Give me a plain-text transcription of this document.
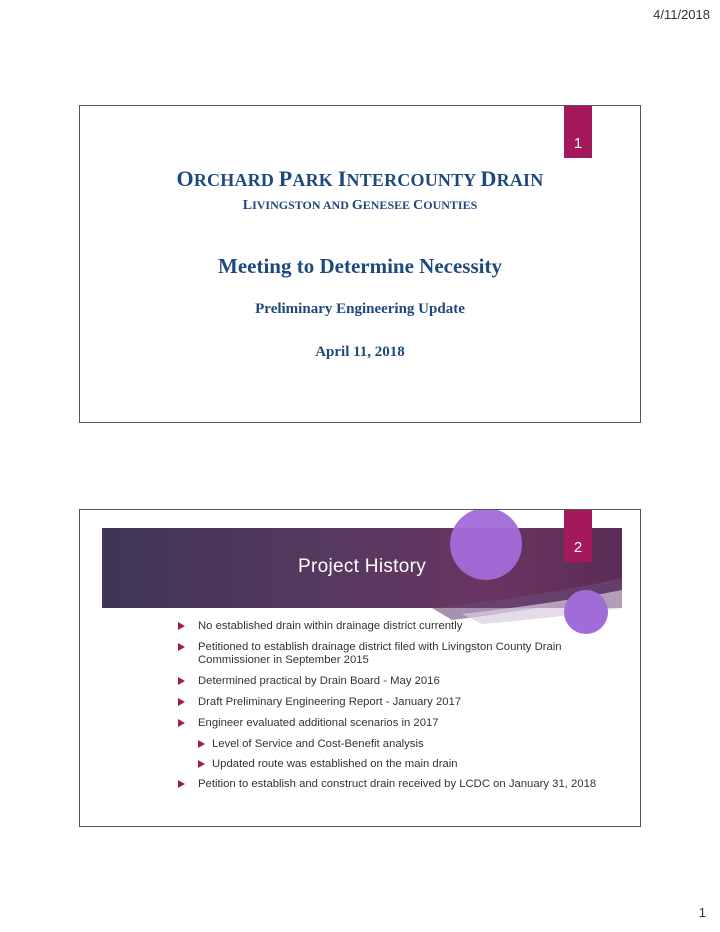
4/11/2018
1
ORCHARD PARK INTERCOUNTY DRAIN
LIVINGSTON AND GENESEE COUNTIES
Meeting to Determine Necessity
Preliminary Engineering Update
April 11, 2018
2
Project History
No established drain within drainage district currently
Petitioned to establish drainage district filed with Livingston County Drain Commissioner in September 2015
Determined practical by Drain Board - May 2016
Draft Preliminary Engineering Report - January 2017
Engineer evaluated additional scenarios in 2017
Level of Service and Cost-Benefit analysis
Updated route was established on the main drain
Petition to establish and construct drain received by LCDC on January 31, 2018
1
